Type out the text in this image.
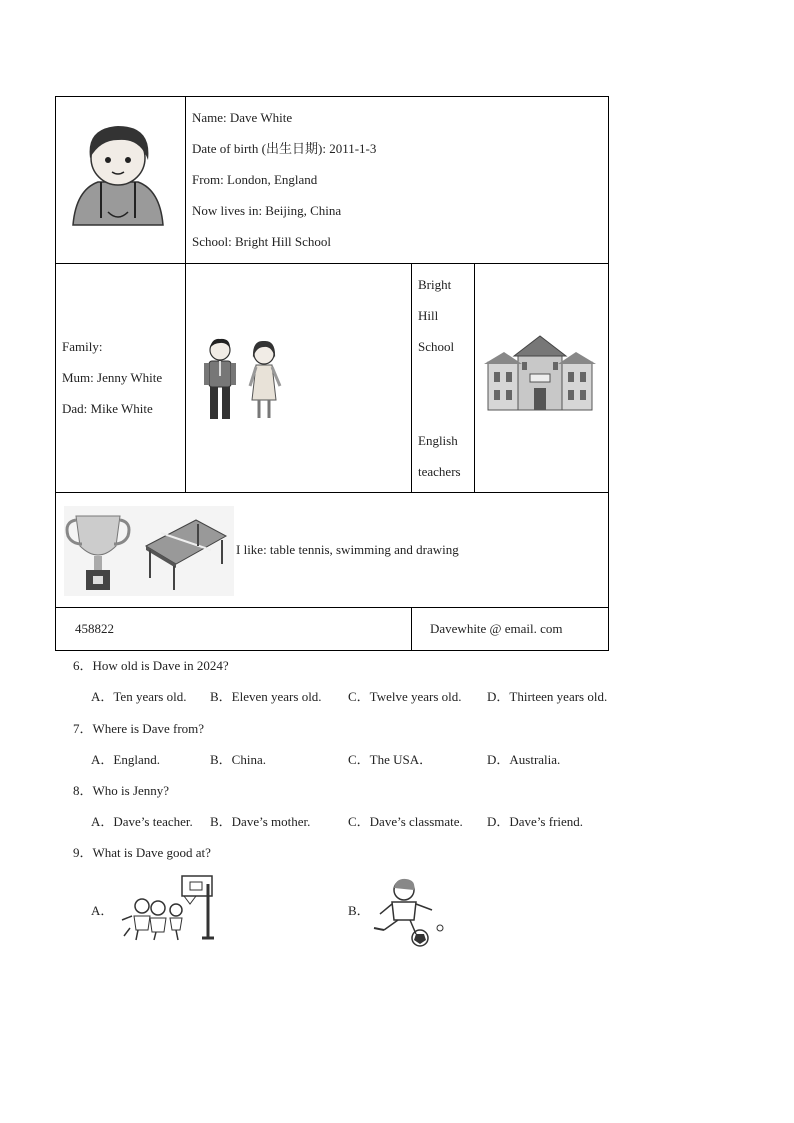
Name: Dave White
Date of birth (出生日期): 2011-1-3
From: London, England
Now lives in: Beijing, China
School: Bright Hill School
Family:
Mum: Jenny White
Dad: Mike White
Bright
Hill
School
English
teachers
I like: table tennis, swimming and drawing
458822	Davewhite @ email. com
6．How old is Dave in 2024?
A．Ten years old. B．Eleven years old. C．Twelve years old. D．Thirteen years old.
7．Where is Dave from?
A．England.	B．China.	C．The USA．	D．Australia.
8．Who is Jenny?
A．Dave’s teacher. B．Dave’s mother.	C．Dave’s classmate. D．Dave’s friend.
9．What is Dave good at?
A．	B．
